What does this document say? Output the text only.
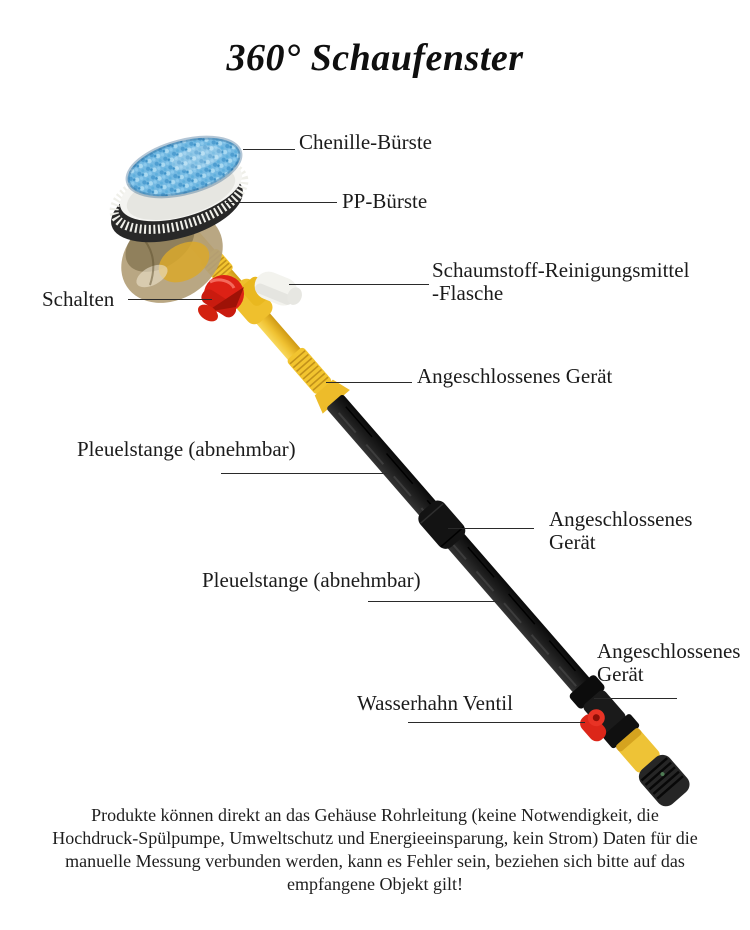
360° Schaufenster
Chenille-Bürste
PP-Bürste
Schaumstoff-Reinigungsmittel
-Flasche
Schalten
Angeschlossenes Gerät
Pleuelstange (abnehmbar)
Angeschlossenes
Gerät
Pleuelstange (abnehmbar)
Angeschlossenes
Gerät
Wasserhahn Ventil
Produkte können direkt an das Gehäuse Rohrleitung (keine Notwendigkeit, die
Hochdruck-Spülpumpe, Umweltschutz und Energieeinsparung, kein Strom) Daten für die
manuelle Messung verbunden werden, kann es Fehler sein, beziehen sich bitte auf das
empfangene Objekt gilt!
